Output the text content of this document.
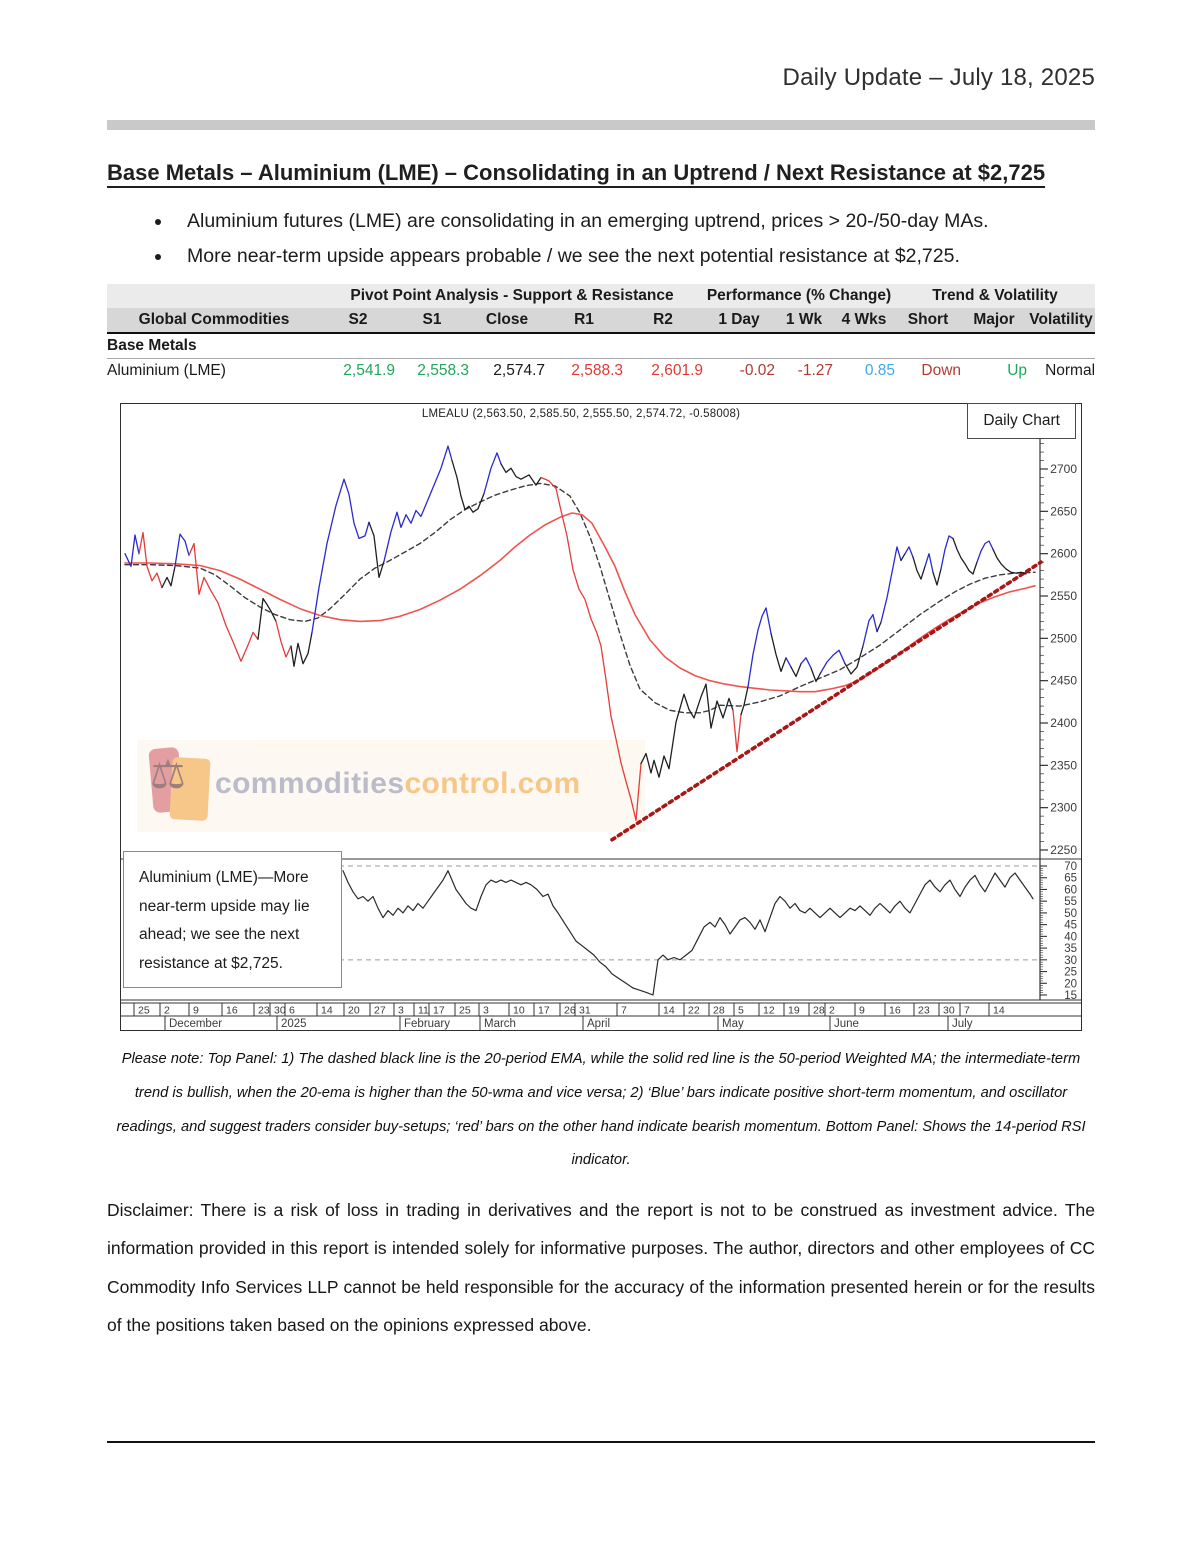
Daily Update – July 18, 2025
Base Metals – Aluminium (LME) – Consolidating in an Uptrend / Next Resistance at $2,725
• Aluminium futures (LME) are consolidating in an emerging uptrend, prices > 20-/50-day MAs.
• More near-term upside appears probable / we see the next potential resistance at $2,725.
	Pivot Point Analysis - Support & Resistance					Performance (% Change)			Trend & Volatility		
Global Commodities	S2	S1	Close	R1	R2	1 Day	1 Wk	4 Wks	Short	Major	Volatility
Base Metals											
Aluminium (LME)	2,541.9	2,558.3	2,574.7	2,588.3	2,601.9	-0.02	-1.27	0.85	Down	Up	Normal
⚖ commoditiescontrol.com
LMEALU (2,563.50, 2,585.50, 2,555.50, 2,574.72, -0.58008)	Daily Chart
2250
2300
2350
2400
2450
2500
2550
2600
2650
2700
15
20
25
30
35
40
45
50
55
60
65
70
25 2 9	16 23 30 6 14 20 27 3 11 17 25 3 10 17 26 31	7	14 22 28 5 12 19 28 2 9 16 23 30 7 14
December	2025	February	March	April	May	June	July
Aluminium (LME)—More near-term upside may lie ahead; we see the next resistance at $2,725.
Please note: Top Panel: 1) The dashed black line is the 20-period EMA, while the solid red line is the 50-period Weighted MA; the intermediate-term trend is bullish, when the 20-ema is higher than the 50-wma and vice versa; 2) ‘Blue’ bars indicate positive short-term momentum, and oscillator readings, and suggest traders consider buy-setups; ‘red’ bars on the other hand indicate bearish momentum. Bottom Panel: Shows the 14-period RSI indicator.
Disclaimer: There is a risk of loss in trading in derivatives and the report is not to be construed as investment advice. The information provided in this report is intended solely for informative purposes. The author, directors and other employees of CC Commodity Info Services LLP cannot be held responsible for the accuracy of the information presented herein or for the results of the positions taken based on the opinions expressed above.
